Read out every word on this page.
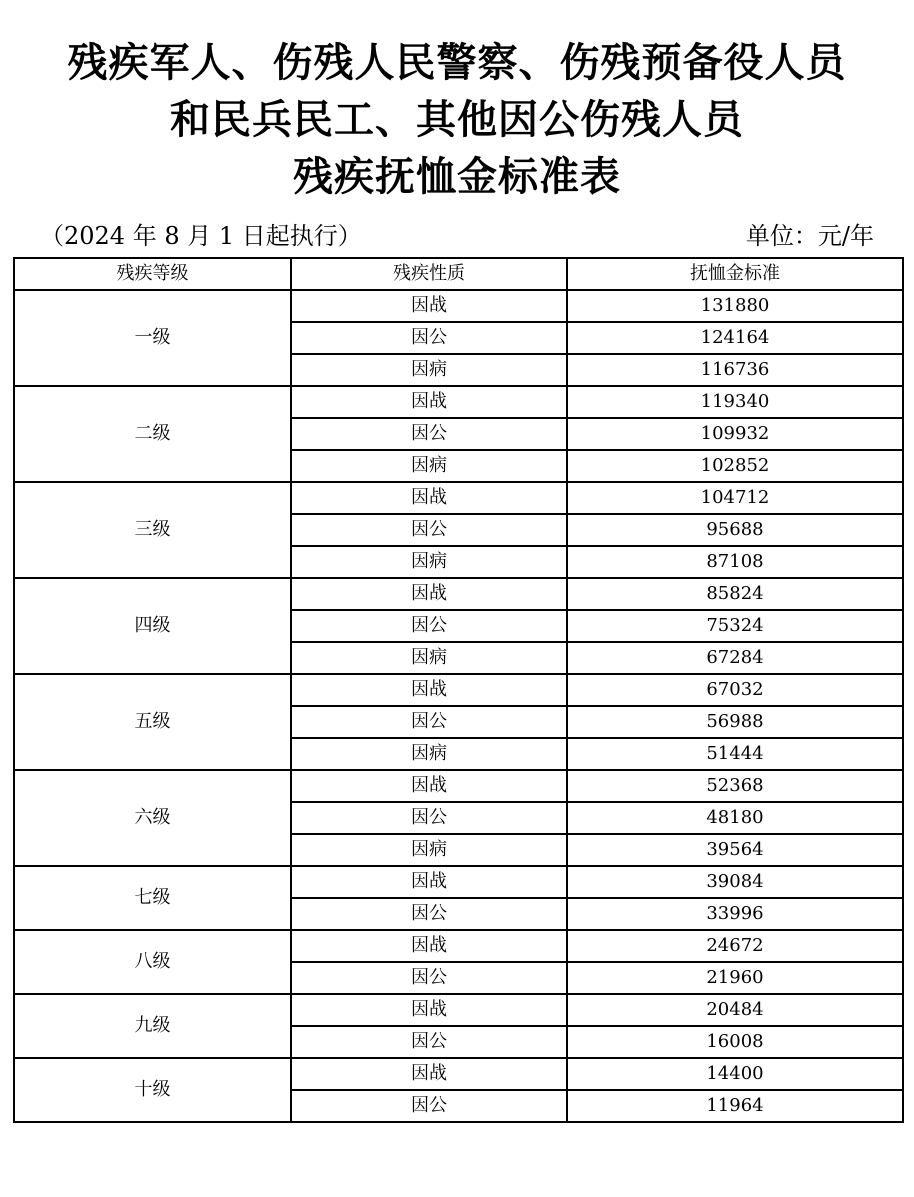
残疾军人、伤残人民警察、伤残预备役人员
和民兵民工、其他因公伤残人员
残疾抚恤金标准表
（2024 年 8 月 1 日起执行）	单位：元/年
残疾等级	残疾性质	抚恤金标准
一级	因战	131880
	因公	124164
	因病	116736
二级	因战	119340
	因公	109932
	因病	102852
三级	因战	104712
	因公	95688
	因病	87108
四级	因战	85824
	因公	75324
	因病	67284
五级	因战	67032
	因公	56988
	因病	51444
六级	因战	52368
	因公	48180
	因病	39564
七级	因战	39084
	因公	33996
八级	因战	24672
	因公	21960
九级	因战	20484
	因公	16008
十级	因战	14400
	因公	11964
